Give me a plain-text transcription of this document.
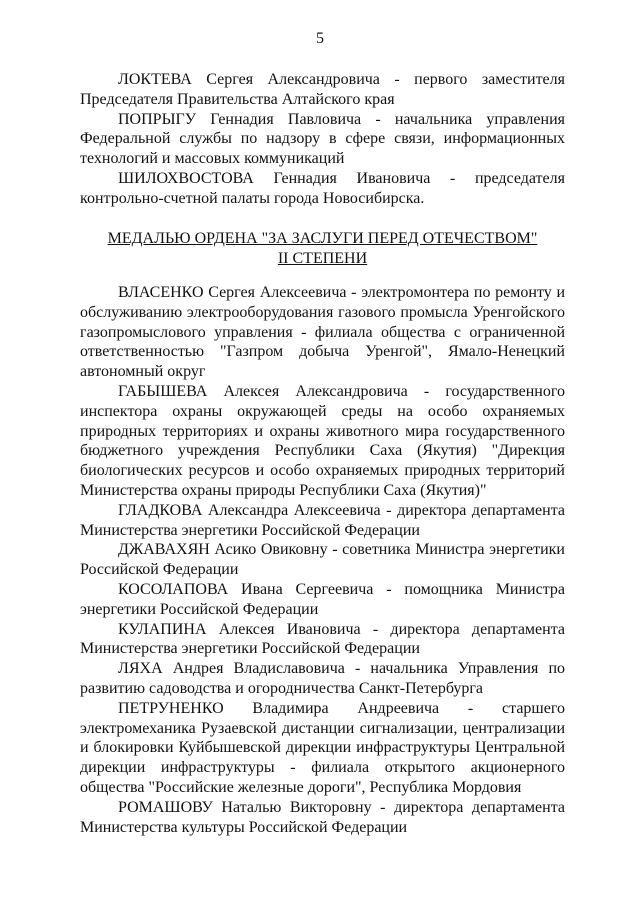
5
ЛОКТЕВА Сергея Александровича - первого заместителя Председателя Правительства Алтайского края
ПОПРЫГУ Геннадия Павловича - начальника управления Федеральной службы по надзору в сфере связи, информационных технологий и массовых коммуникаций
ШИЛОХВОСТОВА Геннадия Ивановича - председателя контрольно-счетной палаты города Новосибирска.
МЕДАЛЬЮ ОРДЕНА "ЗА ЗАСЛУГИ ПЕРЕД ОТЕЧЕСТВОМ"
II СТЕПЕНИ
ВЛАСЕНКО Сергея Алексеевича - электромонтера по ремонту и обслуживанию электрооборудования газового промысла Уренгойского газопромыслового управления - филиала общества с ограниченной ответственностью "Газпром добыча Уренгой", Ямало-Ненецкий автономный округ
ГАБЫШЕВА Алексея Александровича - государственного инспектора охраны окружающей среды на особо охраняемых природных территориях и охраны животного мира государственного бюджетного учреждения Республики Саха (Якутия) "Дирекция биологических ресурсов и особо охраняемых природных территорий Министерства охраны природы Республики Саха (Якутия)"
ГЛАДКОВА Александра Алексеевича - директора департамента Министерства энергетики Российской Федерации
ДЖАВАХЯН Асико Овиковну - советника Министра энергетики Российской Федерации
КОСОЛАПОВА Ивана Сергеевича - помощника Министра энергетики Российской Федерации
КУЛАПИНА Алексея Ивановича - директора департамента Министерства энергетики Российской Федерации
ЛЯХА Андрея Владиславовича - начальника Управления по развитию садоводства и огородничества Санкт-Петербурга
ПЕТРУНЕНКО Владимира Андреевича - старшего электромеханика Рузаевской дистанции сигнализации, централизации и блокировки Куйбышевской дирекции инфраструктуры Центральной дирекции инфраструктуры - филиала открытого акционерного общества "Российские железные дороги", Республика Мордовия
РОМАШОВУ Наталью Викторовну - директора департамента Министерства культуры Российской Федерации
